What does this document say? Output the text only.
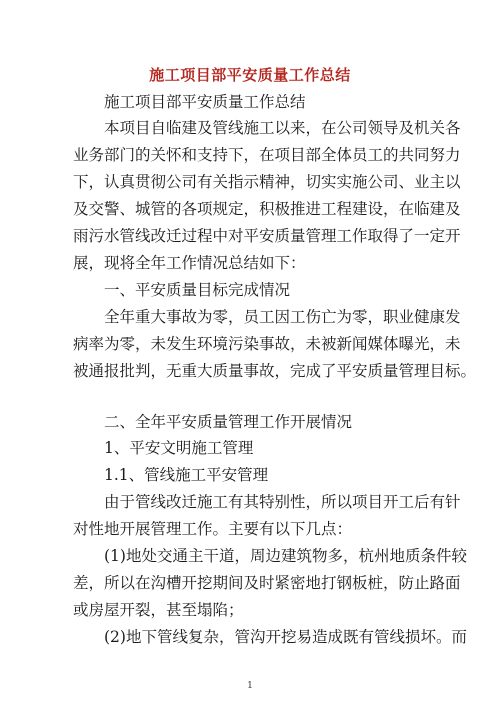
施工项目部平安质量工作总结
施工项目部平安质量工作总结
本项目自临建及管线施工以来，在公司领导及机关各
业务部门的关怀和支持下，在项目部全体员工的共同努力
下，认真贯彻公司有关指示精神，切实实施公司、业主以
及交警、城管的各项规定，积极推进工程建设，在临建及
雨污水管线改迁过程中对平安质量管理工作取得了一定开
展，现将全年工作情况总结如下：
一、平安质量目标完成情况
全年重大事故为零，员工因工伤亡为零，职业健康发
病率为零，未发生环境污染事故，未被新闻媒体曝光，未
被通报批判，无重大质量事故，完成了平安质量管理目标。
二、全年平安质量管理工作开展情况
1、平安文明施工管理
1.1、管线施工平安管理
由于管线改迁施工有其特别性，所以项目开工后有针
对性地开展管理工作。主要有以下几点：
(1)地处交通主干道，周边建筑物多，杭州地质条件较
差，所以在沟槽开挖期间及时紧密地打钢板桩，防止路面
或房屋开裂，甚至塌陷；
(2)地下管线复杂，管沟开挖易造成既有管线损坏。而
1
